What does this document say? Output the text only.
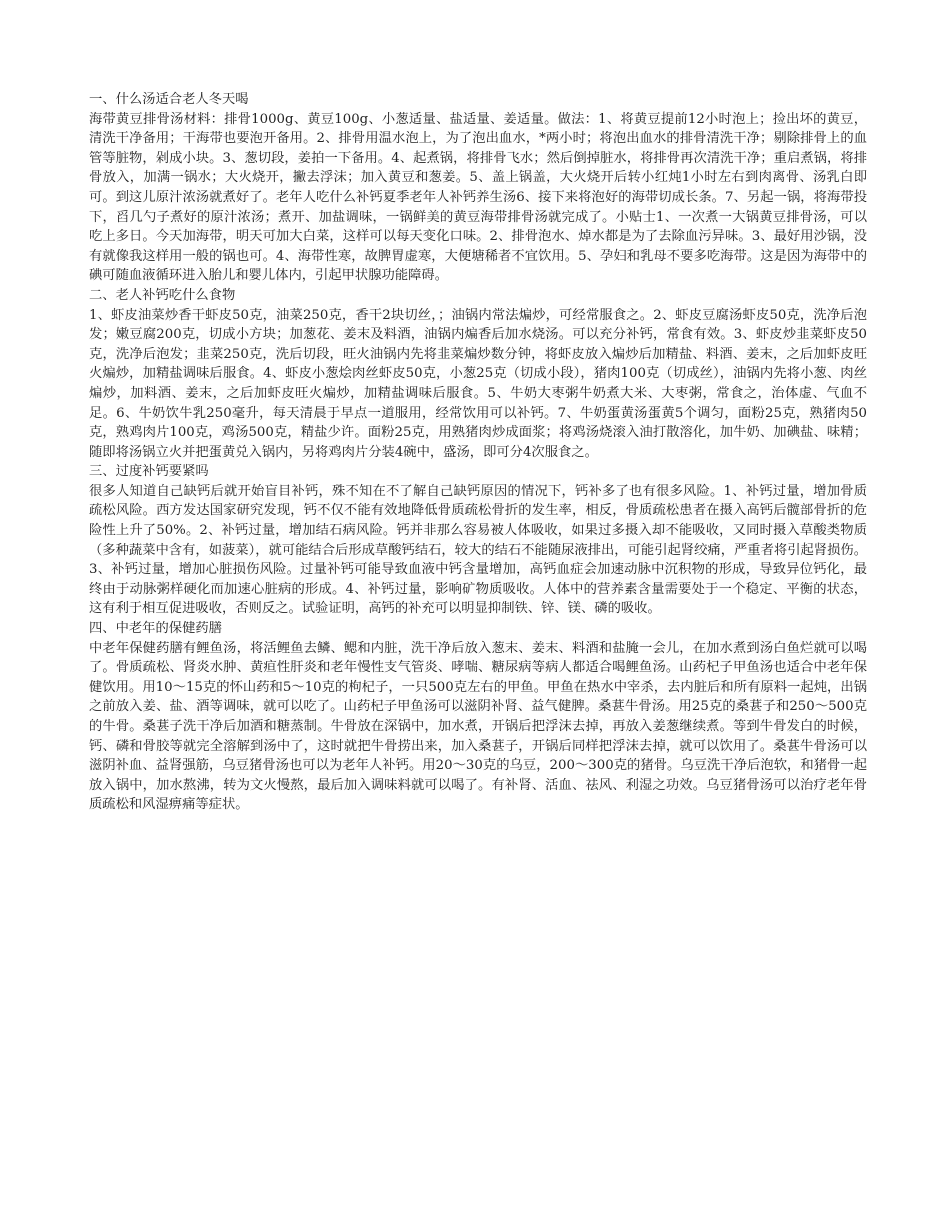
一、什么汤适合老人冬天喝

海带黄豆排骨汤材料：排骨1000g、黄豆100g、小葱适量、盐适量、姜适量。做法：1、将黄豆提前12小时泡上；捡出坏的黄豆，清洗干净备用；干海带也要泡开备用。2、排骨用温水泡上，为了泡出血水，*两小时；将泡出血水的排骨清洗干净；剔除排骨上的血管等脏物，剁成小块。3、葱切段，姜拍一下备用。4、起煮锅，将排骨飞水；然后倒掉脏水，将排骨再次清洗干净；重启煮锅，将排骨放入，加满一锅水；大火烧开，撇去浮沫；加入黄豆和葱姜。5、盖上锅盖，大火烧开后转小红炖1小时左右到肉离骨、汤乳白即可。到这儿原汁浓汤就煮好了。老年人吃什么补钙夏季老年人补钙养生汤6、接下来将泡好的海带切成长条。7、另起一锅，将海带投下，舀几勺子煮好的原汁浓汤；煮开、加盐调味，一锅鲜美的黄豆海带排骨汤就完成了。小贴士1、一次煮一大锅黄豆排骨汤，可以吃上多日。今天加海带，明天可加大白菜，这样可以每天变化口味。2、排骨泡水、焯水都是为了去除血污异味。3、最好用沙锅，没有就像我这样用一般的锅也可。4、海带性寒，故脾胃虚寒，大便塘稀者不宜饮用。5、孕妇和乳母不要多吃海带。这是因为海带中的碘可随血液循环进入胎儿和婴儿体内，引起甲状腺功能障碍。

二、老人补钙吃什么食物

1、虾皮油菜炒香干虾皮50克，油菜250克，香干2块切丝，；油锅内常法煸炒，可经常服食之。2、虾皮豆腐汤虾皮50克，洗净后泡发；嫩豆腐200克，切成小方块；加葱花、姜末及料酒，油锅内煸香后加水烧汤。可以充分补钙，常食有效。3、虾皮炒韭菜虾皮50克，洗净后泡发；韭菜250克，洗后切段，旺火油锅内先将韭菜煸炒数分钟，将虾皮放入煸炒后加精盐、料酒、姜末，之后加虾皮旺火煸炒，加精盐调味后服食。4、虾皮小葱烩肉丝虾皮50克，小葱25克（切成小段），猪肉100克（切成丝），油锅内先将小葱、肉丝煸炒，加料酒、姜末，之后加虾皮旺火煸炒，加精盐调味后服食。5、牛奶大枣粥牛奶煮大米、大枣粥，常食之，治体虚、气血不足。6、牛奶饮牛乳250毫升，每天清晨于早点一道服用，经常饮用可以补钙。7、牛奶蛋黄汤蛋黄5个调匀，面粉25克，熟猪肉50克，熟鸡肉片100克，鸡汤500克，精盐少许。面粉25克，用熟猪肉炒成面浆；将鸡汤烧滚入油打散溶化，加牛奶、加碘盐、味精；随即将汤锅立火并把蛋黄兑入锅内，另将鸡肉片分装4碗中，盛汤，即可分4次服食之。

三、过度补钙要紧吗

很多人知道自己缺钙后就开始盲目补钙，殊不知在不了解自己缺钙原因的情况下，钙补多了也有很多风险。1、补钙过量，增加骨质疏松风险。西方发达国家研究发现，钙不仅不能有效地降低骨质疏松骨折的发生率，相反，骨质疏松患者在摄入高钙后髋部骨折的危险性上升了50%。2、补钙过量，增加结石病风险。钙并非那么容易被人体吸收，如果过多摄入却不能吸收，又同时摄入草酸类物质（多种蔬菜中含有，如菠菜），就可能结合后形成草酸钙结石，较大的结石不能随尿液排出，可能引起肾绞痛，严重者将引起肾损伤。3、补钙过量，增加心脏损伤风险。过量补钙可能导致血液中钙含量增加，高钙血症会加速动脉中沉积物的形成，导致异位钙化，最终由于动脉粥样硬化而加速心脏病的形成。4、补钙过量，影响矿物质吸收。人体中的营养素含量需要处于一个稳定、平衡的状态，这有利于相互促进吸收，否则反之。试验证明，高钙的补充可以明显抑制铁、锌、镁、磷的吸收。

四、中老年的保健药膳

中老年保健药膳有鲤鱼汤，将活鲤鱼去鳞、鳃和内脏，洗干净后放入葱末、姜末、料酒和盐腌一会儿，在加水煮到汤白鱼烂就可以喝了。骨质疏松、肾炎水肿、黄疸性肝炎和老年慢性支气管炎、哮喘、糖尿病等病人都适合喝鲤鱼汤。山药杞子甲鱼汤也适合中老年保健饮用。用10～15克的怀山药和5～10克的枸杞子，一只500克左右的甲鱼。甲鱼在热水中宰杀，去内脏后和所有原料一起炖，出锅之前放入姜、盐、酒等调味，就可以吃了。山药杞子甲鱼汤可以滋阴补肾、益气健脾。桑葚牛骨汤。用25克的桑葚子和250～500克的牛骨。桑葚子洗干净后加酒和糖蒸制。牛骨放在深锅中，加水煮，开锅后把浮沫去掉，再放入姜葱继续煮。等到牛骨发白的时候，钙、磷和骨胶等就完全溶解到汤中了，这时就把牛骨捞出来，加入桑葚子，开锅后同样把浮沫去掉，就可以饮用了。桑葚牛骨汤可以滋阴补血、益肾强筋，乌豆猪骨汤也可以为老年人补钙。用20～30克的乌豆，200～300克的猪骨。乌豆洗干净后泡软，和猪骨一起放入锅中，加水熬沸，转为文火慢熬，最后加入调味料就可以喝了。有补肾、活血、祛风、利湿之功效。乌豆猪骨汤可以治疗老年骨质疏松和风湿痹痛等症状。
